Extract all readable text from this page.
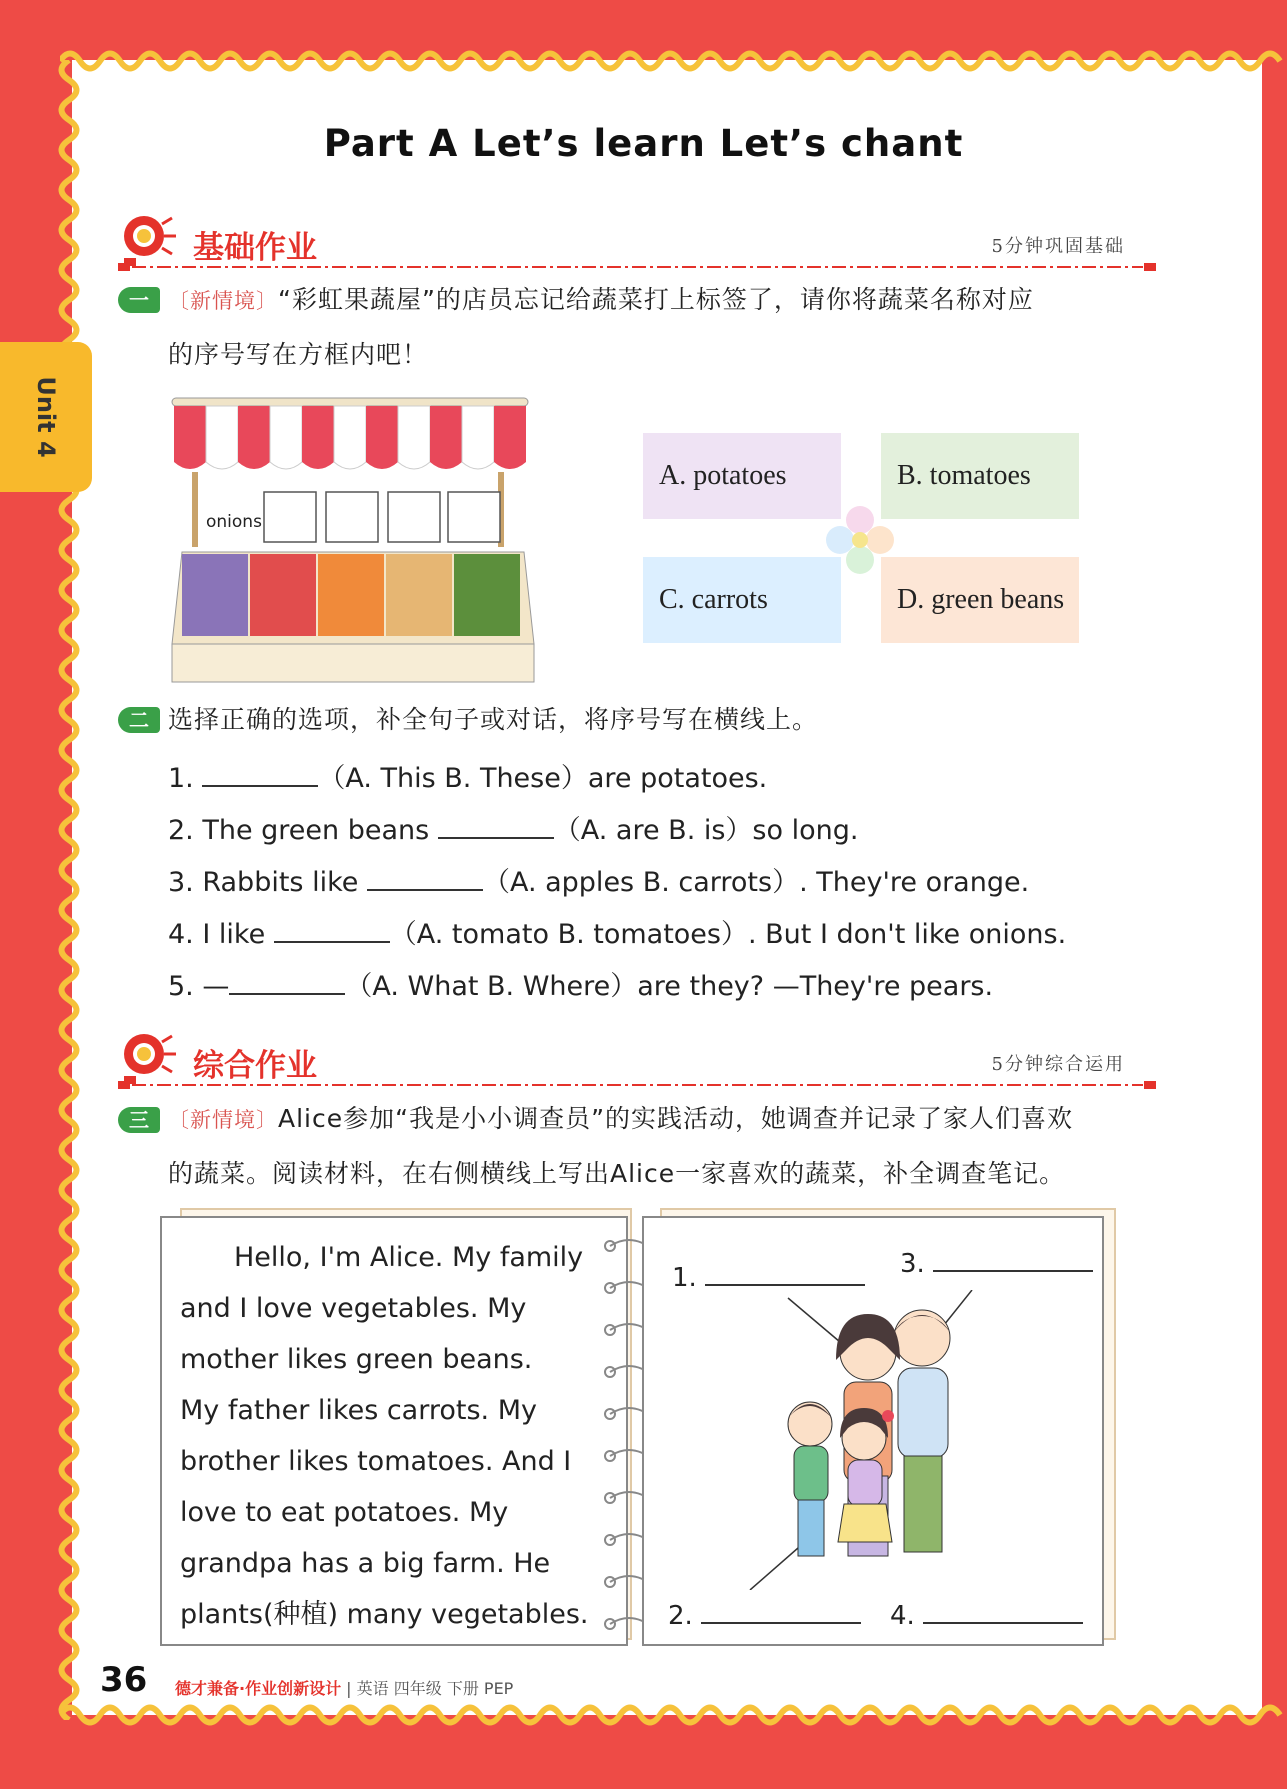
Unit 4
Part A Let’s learn Let’s chant
基础作业	5分钟巩固基础
一 〔新情境〕“彩虹果蔬屋”的店员忘记给蔬菜打上标签了，请你将蔬菜名称对应
的序号写在方框内吧！
onions
A. potatoes	B. tomatoes
C. carrots	D. green beans
二 选择正确的选项，补全句子或对话，将序号写在横线上。
1.	（A. This B. These）are potatoes.
2. The green beans	（A. are B. is）so long.
3. Rabbits like	（A. apples B. carrots）. They're orange.
4. I like	（A. tomato B. tomatoes）. But I don't like onions.
5. —	（A. What B. Where）are they? —They're pears.
综合作业	5分钟综合运用
三 〔新情境〕Alice参加“我是小小调查员”的实践活动，她调查并记录了家人们喜欢
的蔬菜。阅读材料，在右侧横线上写出Alice一家喜欢的蔬菜，补全调查笔记。
　　Hello, I'm Alice. My family
and I love vegetables. My
mother likes green beans.
My father likes carrots. My
brother likes tomatoes. And I
love to eat potatoes. My
grandpa has a big farm. He
plants(种植) many vegetables.
1.	3.
2.	4.
36 德才兼备·作业创新设计 | 英语 四年级 下册 PEP
